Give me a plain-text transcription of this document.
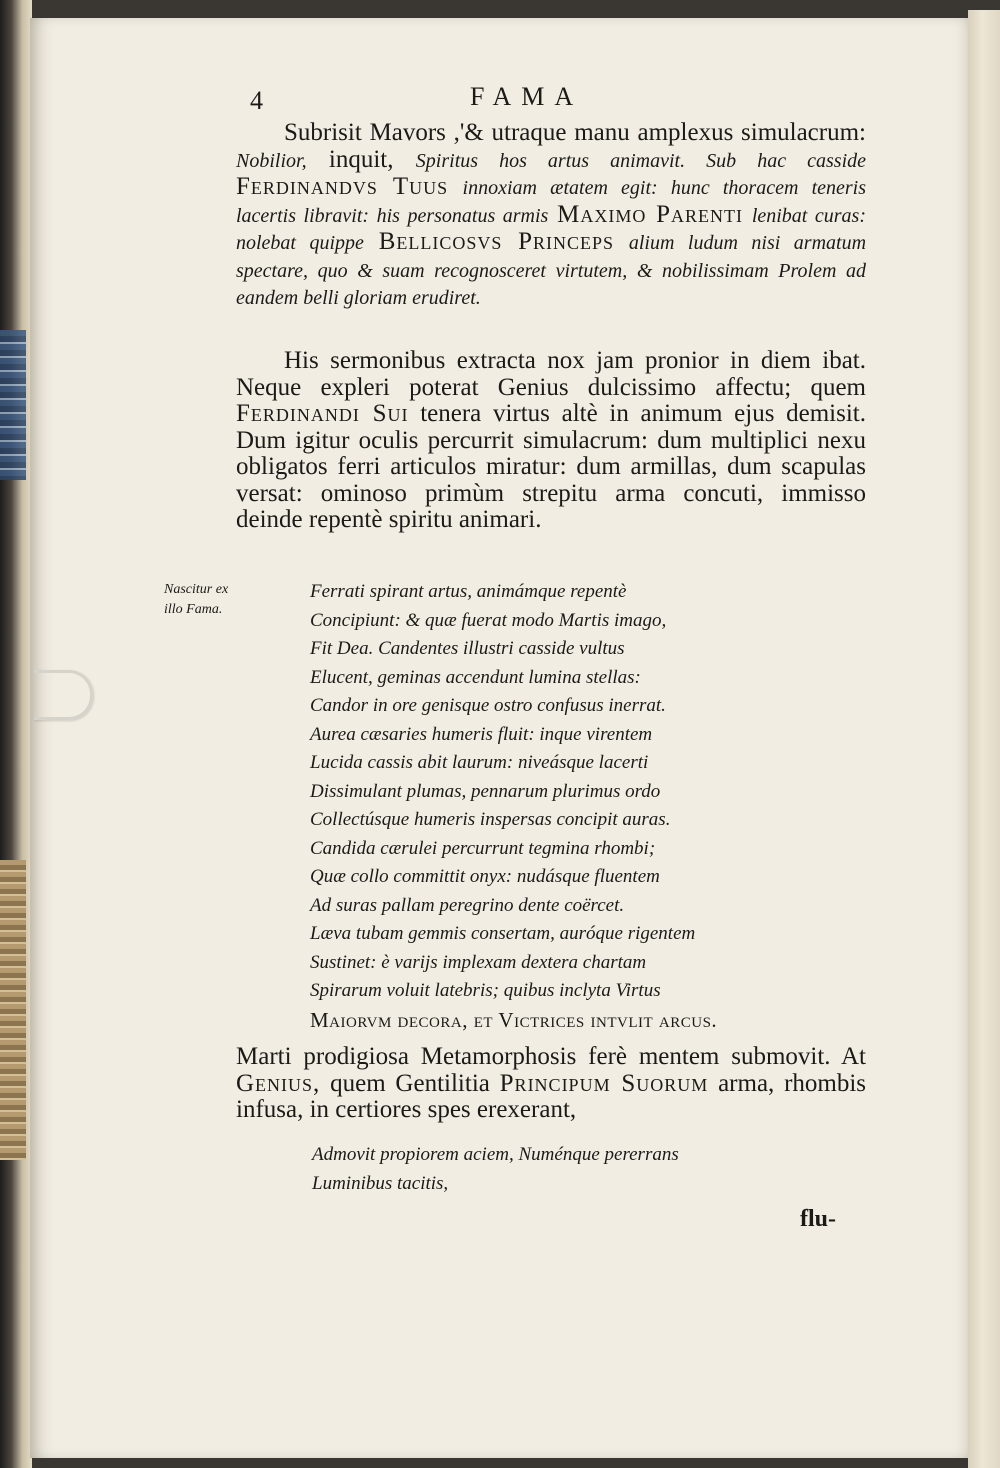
4	FAMA

Subrisit Mavors ,'& utraque manu amplexus simulacrum: Nobilior, inquit, Spiritus hos artus animavit. Sub hac casside Ferdinandvs Tuus innoxiam ætatem egit: hunc thoracem teneris lacertis libravit: his personatus armis Maximo Parenti lenibat curas: nolebat quippe Bellicosvs Princeps alium ludum nisi armatum spectare, quo & suam recognosceret virtutem, & nobilissimam Prolem ad eandem belli gloriam erudiret.

His sermonibus extracta nox jam pronior in diem ibat. Neque expleri poterat Genius dulcissimo affectu; quem Ferdinandi Sui tenera virtus altè in animum ejus demisit. Dum igitur oculis percurrit simulacrum: dum multiplici nexu obligatos ferri articulos miratur: dum armillas, dum scapulas versat: ominoso primùm strepitu arma concuti, immisso deinde repentè spiritu animari.

Nascitur ex illo Fama.
Ferrati spirant artus, animámque repentè
Concipiunt: & quæ fuerat modo Martis imago,
Fit Dea. Candentes illustri casside vultus
Elucent, geminas accendunt lumina stellas:
Candor in ore genisque ostro confusus inerrat.
Aurea cæsaries humeris fluit: inque virentem
Lucida cassis abit laurum: niveásque lacerti
Dissimulant plumas, pennarum plurimus ordo
Collectúsque humeris inspersas concipit auras.
Candida cærulei percurrunt tegmina rhombi;
Quæ collo committit onyx: nudásque fluentem
Ad suras pallam peregrino dente coërcet.
Læva tubam gemmis consertam, auróque rigentem
Sustinet: è varijs implexam dextera chartam
Spirarum voluit latebris; quibus inclyta Virtus
Maiorvm decora, et Victrices intvlit arcus.

Marti prodigiosa Metamorphosis ferè mentem submovit. At Genius, quem Gentilitia Principum Suorum arma, rhombis infusa, in certiores spes erexerant,

Admovit propiorem aciem, Numénque pererrans
Luminibus tacitis,
flu-
